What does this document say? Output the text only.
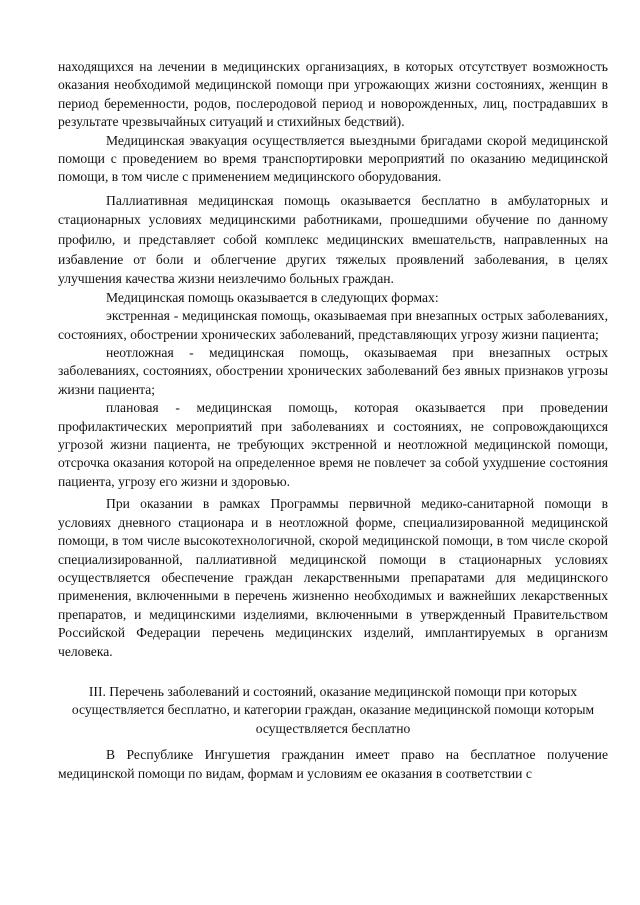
находящихся на лечении в медицинских организациях, в которых отсутствует возможность оказания необходимой медицинской помощи при угрожающих жизни состояниях, женщин в период беременности, родов, послеродовой период и новорожденных, лиц, пострадавших в результате чрезвычайных ситуаций и стихийных бедствий).

Медицинская эвакуация осуществляется выездными бригадами скорой медицинской помощи с проведением во время транспортировки мероприятий по оказанию медицинской помощи, в том числе с применением медицинского оборудования.

Паллиативная медицинская помощь оказывается бесплатно в амбулаторных и стационарных условиях медицинскими работниками, прошедшими обучение по данному профилю, и представляет собой комплекс медицинских вмешательств, направленных на избавление от боли и облегчение других тяжелых проявлений заболевания, в целях улучшения качества жизни неизлечимо больных граждан.

Медицинская помощь оказывается в следующих формах:

экстренная - медицинская помощь, оказываемая при внезапных острых заболеваниях, состояниях, обострении хронических заболеваний, представляющих угрозу жизни пациента;

неотложная - медицинская помощь, оказываемая при внезапных острых заболеваниях, состояниях, обострении хронических заболеваний без явных признаков угрозы жизни пациента;

плановая - медицинская помощь, которая оказывается при проведении профилактических мероприятий при заболеваниях и состояниях, не сопровождающихся угрозой жизни пациента, не требующих экстренной и неотложной медицинской помощи, отсрочка оказания которой на определенное время не повлечет за собой ухудшение состояния пациента, угрозу его жизни и здоровью.

При оказании в рамках Программы первичной медико-санитарной помощи в условиях дневного стационара и в неотложной форме, специализированной медицинской помощи, в том числе высокотехнологичной, скорой медицинской помощи, в том числе скорой специализированной, паллиативной медицинской помощи в стационарных условиях осуществляется обеспечение граждан лекарственными препаратами для медицинского применения, включенными в перечень жизненно необходимых и важнейших лекарственных препаратов, и медицинскими изделиями, включенными в утвержденный Правительством Российской Федерации перечень медицинских изделий, имплантируемых в организм человека.

III. Перечень заболеваний и состояний, оказание медицинской помощи при которых осуществляется бесплатно, и категории граждан, оказание медицинской помощи которым осуществляется бесплатно

В Республике Ингушетия гражданин имеет право на бесплатное получение медицинской помощи по видам, формам и условиям ее оказания в соответствии с
